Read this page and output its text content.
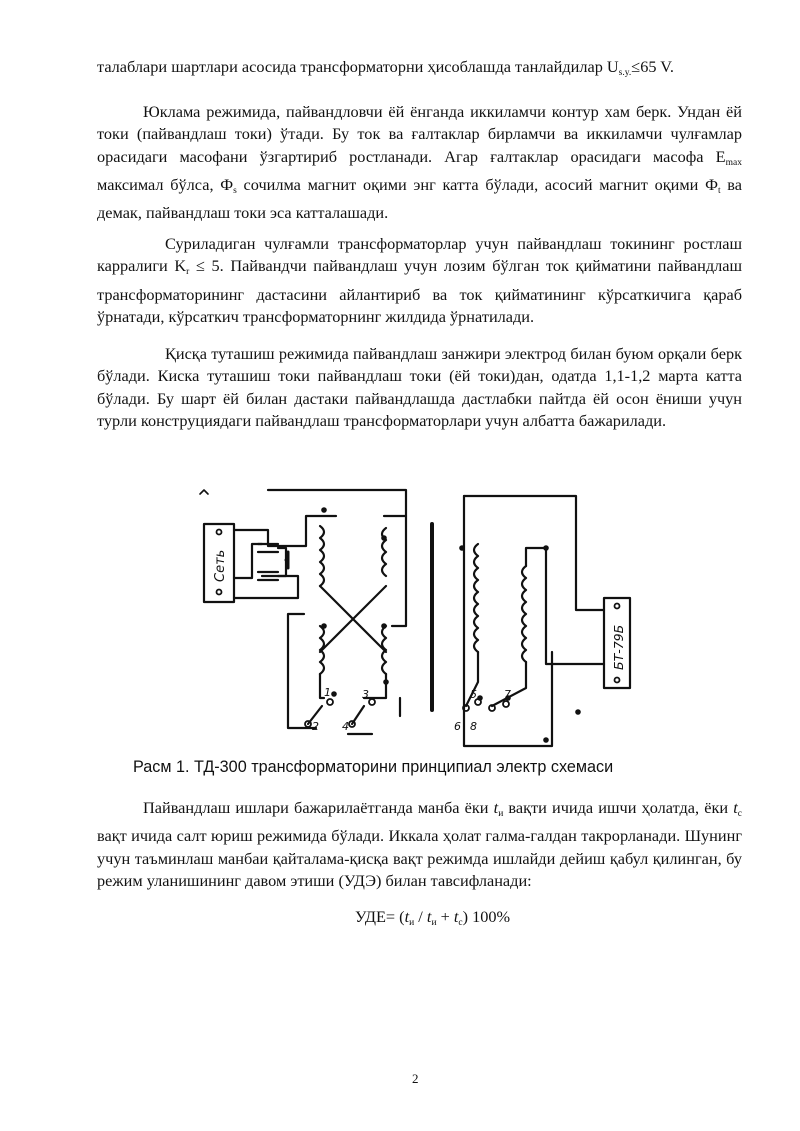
талаблари шартлари асосида трансформаторни ҳисоблашда танлайдилар $U_{s.y.}\le 65$ V.

Юклама режимида, пайвандловчи ёй ёнганда иккиламчи контур хам берк. Ундан ёй токи (пайвандлаш токи) ўтади. Бу ток ва ғалтаклар бирламчи ва иккиламчи чулғамлар орасидаги масофани ўзгартириб ростланади. Агар ғалтаклар орасидаги масофа $E_{max}$ максимал бўлса, $Ф_s$ сочилма магнит оқими энг катта бўлади, асосий магнит оқими $Ф_t$ ва демак, пайвандлаш токи эса катталашади.

Суриладиган чулғамли трансформаторлар учун пайвандлаш токининг ростлаш карралиги $K_r \le 5$. Пайвандчи пайвандлаш учун лозим бўлган ток қийматини пайвандлаш трансформаторининг дастасини айлантириб ва ток қийматининг кўрсаткичига қараб ўрнатади, кўрсаткич трансформаторнинг жилдида ўрнатилади.

Қисқа туташиш режимида пайвандлаш занжири электрод билан буюм орқали берк бўлади. Киска туташиш токи пайвандлаш токи (ёй токи)дан, одатда 1,1-1,2 марта катта бўлади. Бу шарт ёй билан дастаки пайвандлашда дастлабки пайтда ёй осон ёниши учун турли конструциядаги пайвандлаш трансформаторлари учун албатта бажарилади.

Сеть
БТ-79Б
1
2
3
4
5
6
7
8
Расм 1. ТД-300 трансформаторини принципиал электр схемаси

Пайвандлаш ишлари бажарилаётганда манба ёки $t_и$ вақти ичида ишчи ҳолатда, ёки $t_c$ вақт ичида салт юриш режимида бўлади. Иккала ҳолат галма-галдан такрорланади. Шунинг учун таъминлаш манбаи қайталама-қисқа вақт режимда ишлайди дейиш қабул қилинган, бу режим уланишининг давом этиши (УДЭ) билан тавсифланади:

$УДЕ= (t_и / t_и + t_с)$ 100%
2
